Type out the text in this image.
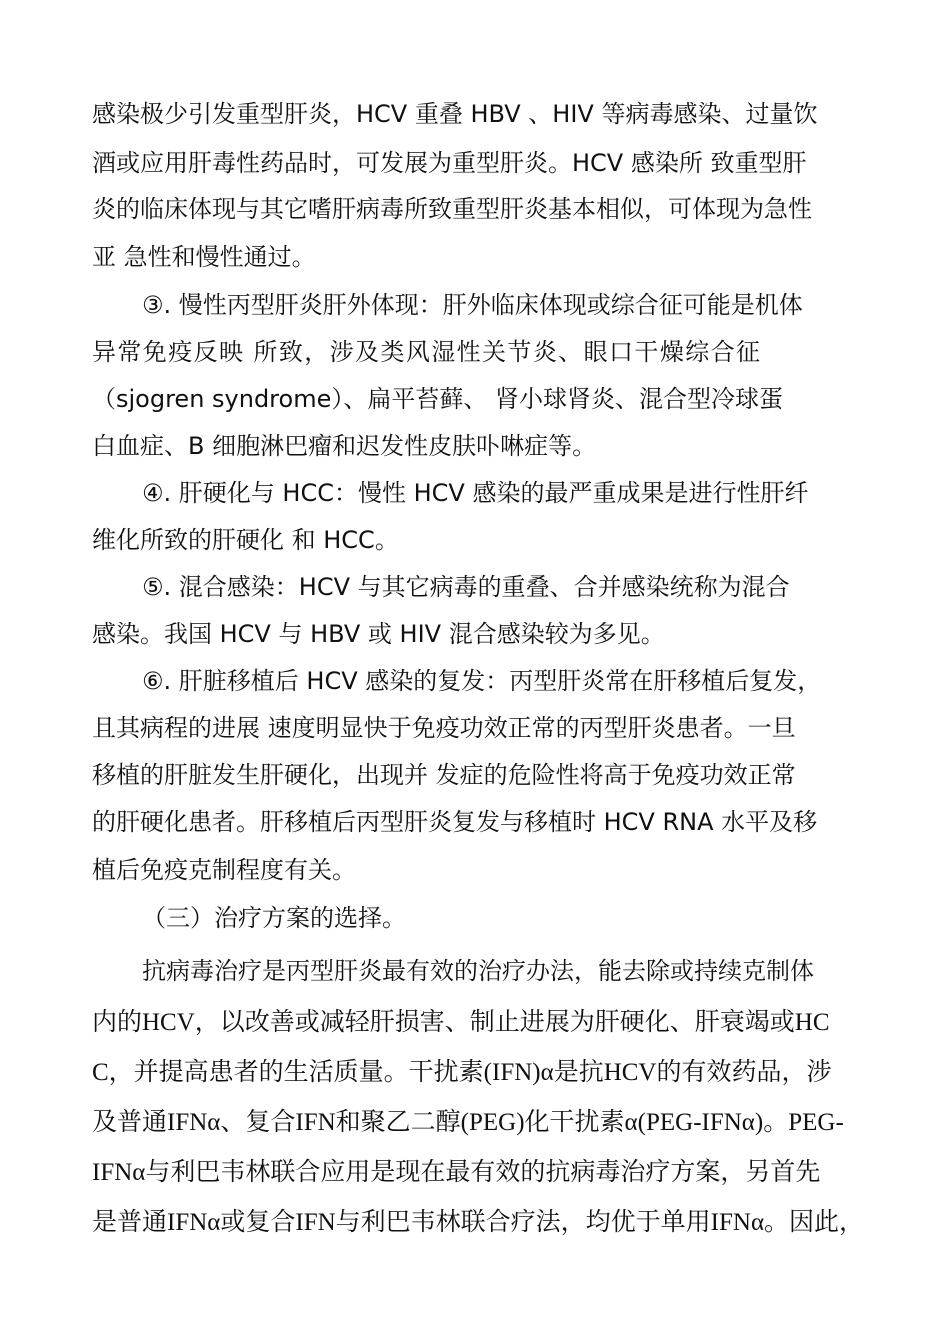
感染极少引发重型肝炎，HCV 重叠 HBV 、HIV 等病毒感染、过量饮
酒或应用肝毒性药品时，可发展为重型肝炎。HCV 感染所 致重型肝
炎的临床体现与其它嗜肝病毒所致重型肝炎基本相似，可体现为急性
亚 急性和慢性通过。
③. 慢性丙型肝炎肝外体现：肝外临床体现或综合征可能是机体
异常免疫反映 所致，涉及类风湿性关节炎、眼口干燥综合征
（sjogren syndrome）、扁平苔藓、 肾小球肾炎、混合型冷球蛋
白血症、B 细胞淋巴瘤和迟发性皮肤卟啉症等。
④. 肝硬化与 HCC：慢性 HCV 感染的最严重成果是进行性肝纤
维化所致的肝硬化 和 HCC。
⑤. 混合感染：HCV 与其它病毒的重叠、合并感染统称为混合
感染。我国 HCV 与 HBV 或 HIV 混合感染较为多见。
⑥. 肝脏移植后 HCV 感染的复发：丙型肝炎常在肝移植后复发，
且其病程的进展 速度明显快于免疫功效正常的丙型肝炎患者。一旦
移植的肝脏发生肝硬化，出现并 发症的危险性将高于免疫功效正常
的肝硬化患者。肝移植后丙型肝炎复发与移植时 HCV RNA 水平及移
植后免疫克制程度有关。
（三）治疗方案的选择。
抗病毒治疗是丙型肝炎最有效的治疗办法，能去除或持续克制体
内的HCV，以改善或减轻肝损害、制止进展为肝硬化、肝衰竭或HC
C，并提高患者的生活质量。干扰素(IFN)α是抗HCV的有效药品，涉
及普通IFNα、复合IFN和聚乙二醇(PEG)化干扰素α(PEG-IFNα)。PEG-
IFNα与利巴韦林联合应用是现在最有效的抗病毒治疗方案，另首先
是普通IFNα或复合IFN与利巴韦林联合疗法，均优于单用IFNα。因此，
